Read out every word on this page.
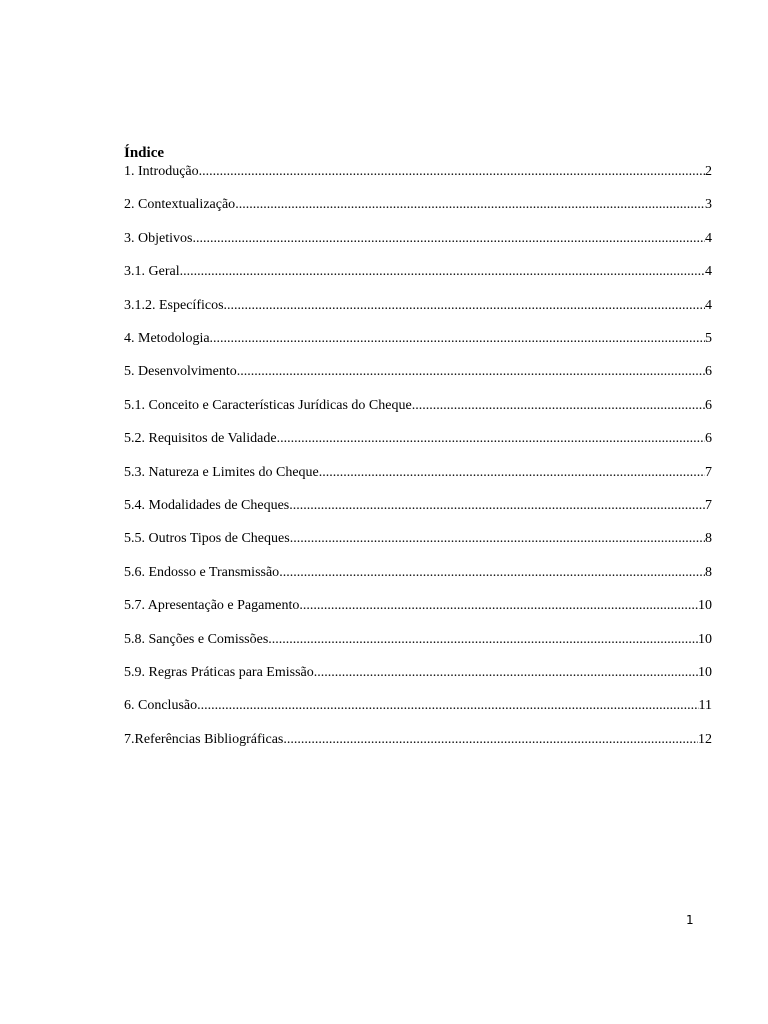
Índice
1. Introdução .....	2
2. Contextualização .....	3
3. Objetivos .....	4
3.1. Geral .....	4
3.1.2. Específicos .....	4
4. Metodologia .....	5
5. Desenvolvimento .....	6
5.1. Conceito e Características Jurídicas do Cheque .....	6
5.2. Requisitos de Validade .....	6
5.3. Natureza e Limites do Cheque .....	7
5.4. Modalidades de Cheques .....	7
5.5. Outros Tipos de Cheques .....	8
5.6. Endosso e Transmissão .....	8
5.7. Apresentação e Pagamento .....	10
5.8. Sanções e Comissões .....	10
5.9. Regras Práticas para Emissão .....	10
6. Conclusão .....	11
7.Referências Bibliográficas .....	12
1
